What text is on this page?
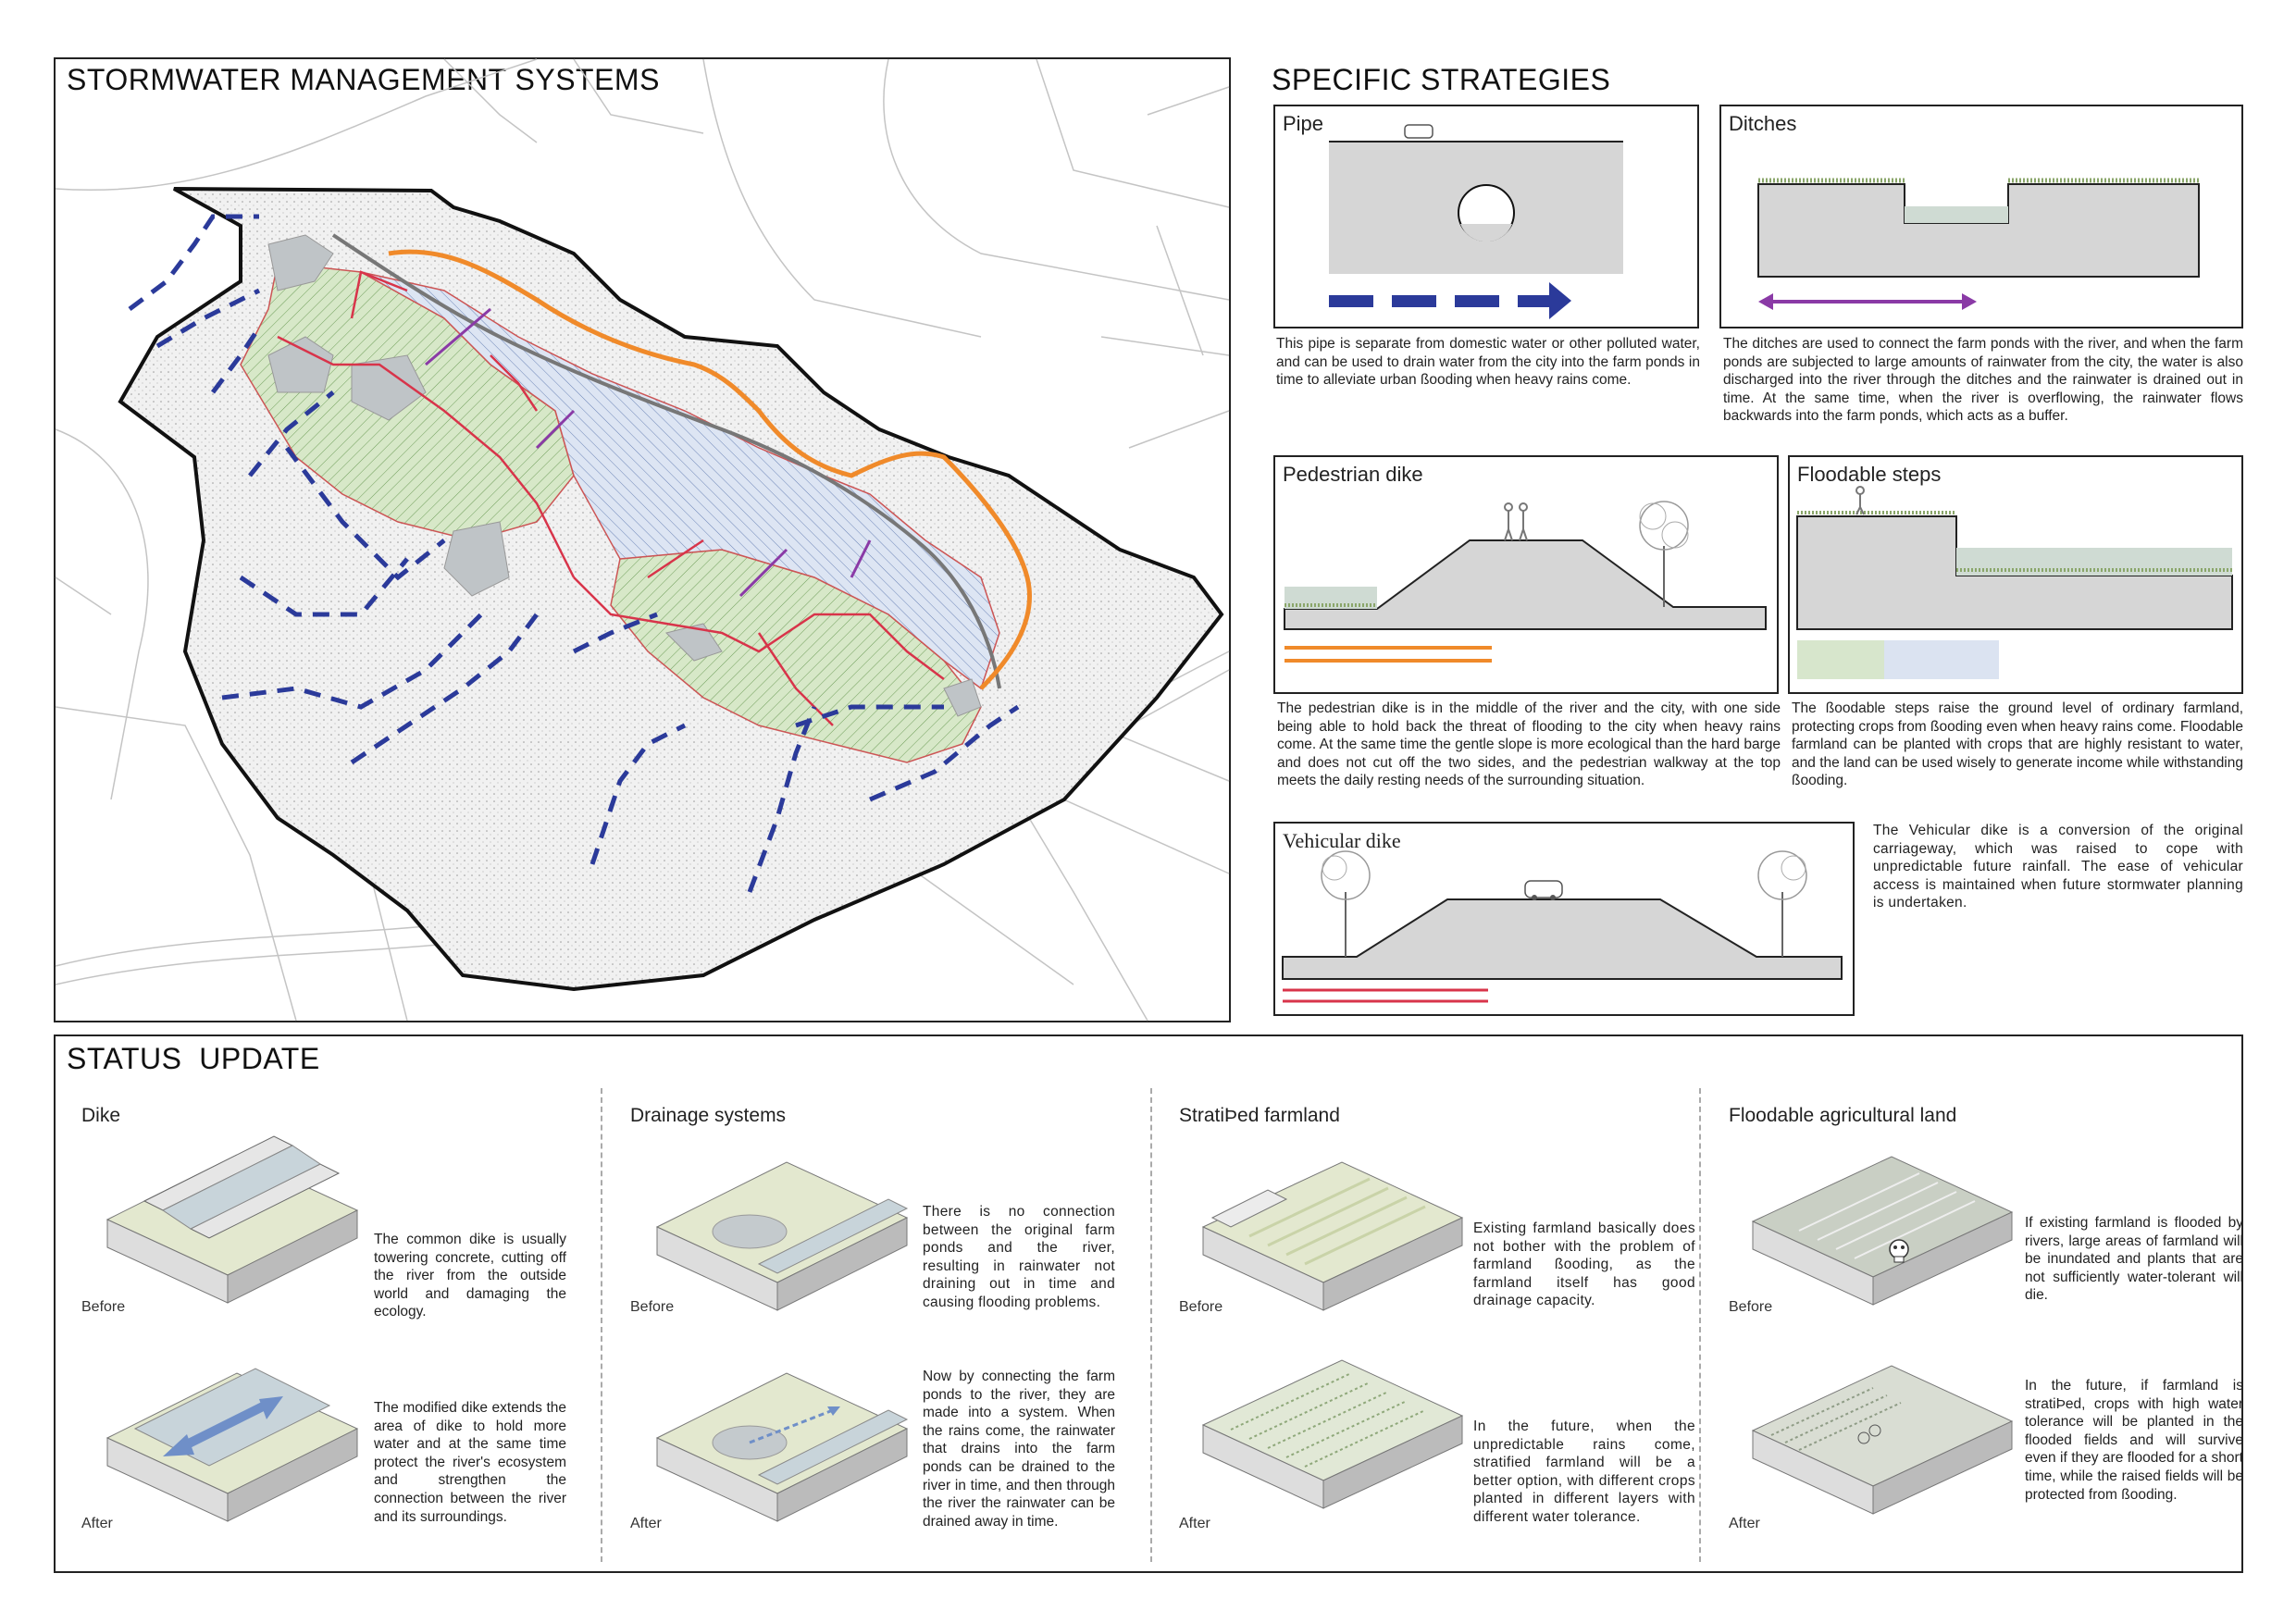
STORMWATER MANAGEMENT SYSTEMS	SPECIFIC STRATEGIES
Pipe
This pipe is separate from domestic water or other polluted water, and can be used to drain water from the city into the farm ponds in time to alleviate urban ßooding when heavy rains come.
Ditches
The ditches are used to connect the farm ponds with the river, and when the farm ponds are subjected to large amounts of rainwater from the city, the water is also discharged into the river through the ditches and the rainwater is drained out in time. At the same time, when the river is overflowing, the rainwater flows backwards into the farm ponds, which acts as a buffer.
Pedestrian dike
The pedestrian dike is in the middle of the river and the city, with one side being able to hold back the threat of flooding to the city when heavy rains come. At the same time the gentle slope is more ecological than the hard barge and does not cut off the two sides, and the pedestrian walkway at the top meets the daily resting needs of the surrounding situation.
Floodable steps
The ßoodable steps raise the ground level of ordinary farmland, protecting crops from ßooding even when heavy rains come. Floodable farmland can be planted with crops that are highly resistant to water, and the land can be used wisely to generate income while withstanding ßooding.
Vehicular dike	The Vehicular dike is a conversion of the original carriageway, which was raised to cope with unpredictable future rainfall. The ease of vehicular access is maintained when future stormwater planning is undertaken.
STATUS  UPDATE
Dike
Before
The common dike is usually towering concrete, cutting off the river from the outside world and damaging the ecology.
After
The modified dike extends the area of dike to hold more water and at the same time protect the river's ecosystem and strengthen the connection between the river and its surroundings.
Drainage systems
Before
There is no connection between the original farm ponds and the river, resulting in rainwater not draining out in time and causing flooding problems.
After
Now by connecting the farm ponds to the river, they are made into a system. When the rains come, the rainwater that drains into the farm ponds can be drained to the river in time, and then through the river the rainwater can be drained away in time.
StratiÞed farmland
Before
Existing farmland basically does not bother with the problem of farmland ßooding, as the farmland itself has good drainage capacity.
After
In the future, when the unpredictable rains come, stratified farmland will be a better option, with different crops planted in different layers with different water tolerance.
Floodable agricultural land
Before
If existing farmland is flooded by rivers, large areas of farmland will be inundated and plants that are not sufficiently water-tolerant will die.
After
In the future, if farmland is stratiÞed, crops with high water tolerance will be planted in the flooded fields and will survive even if they are flooded for a short time, while the raised fields will be protected from ßooding.
